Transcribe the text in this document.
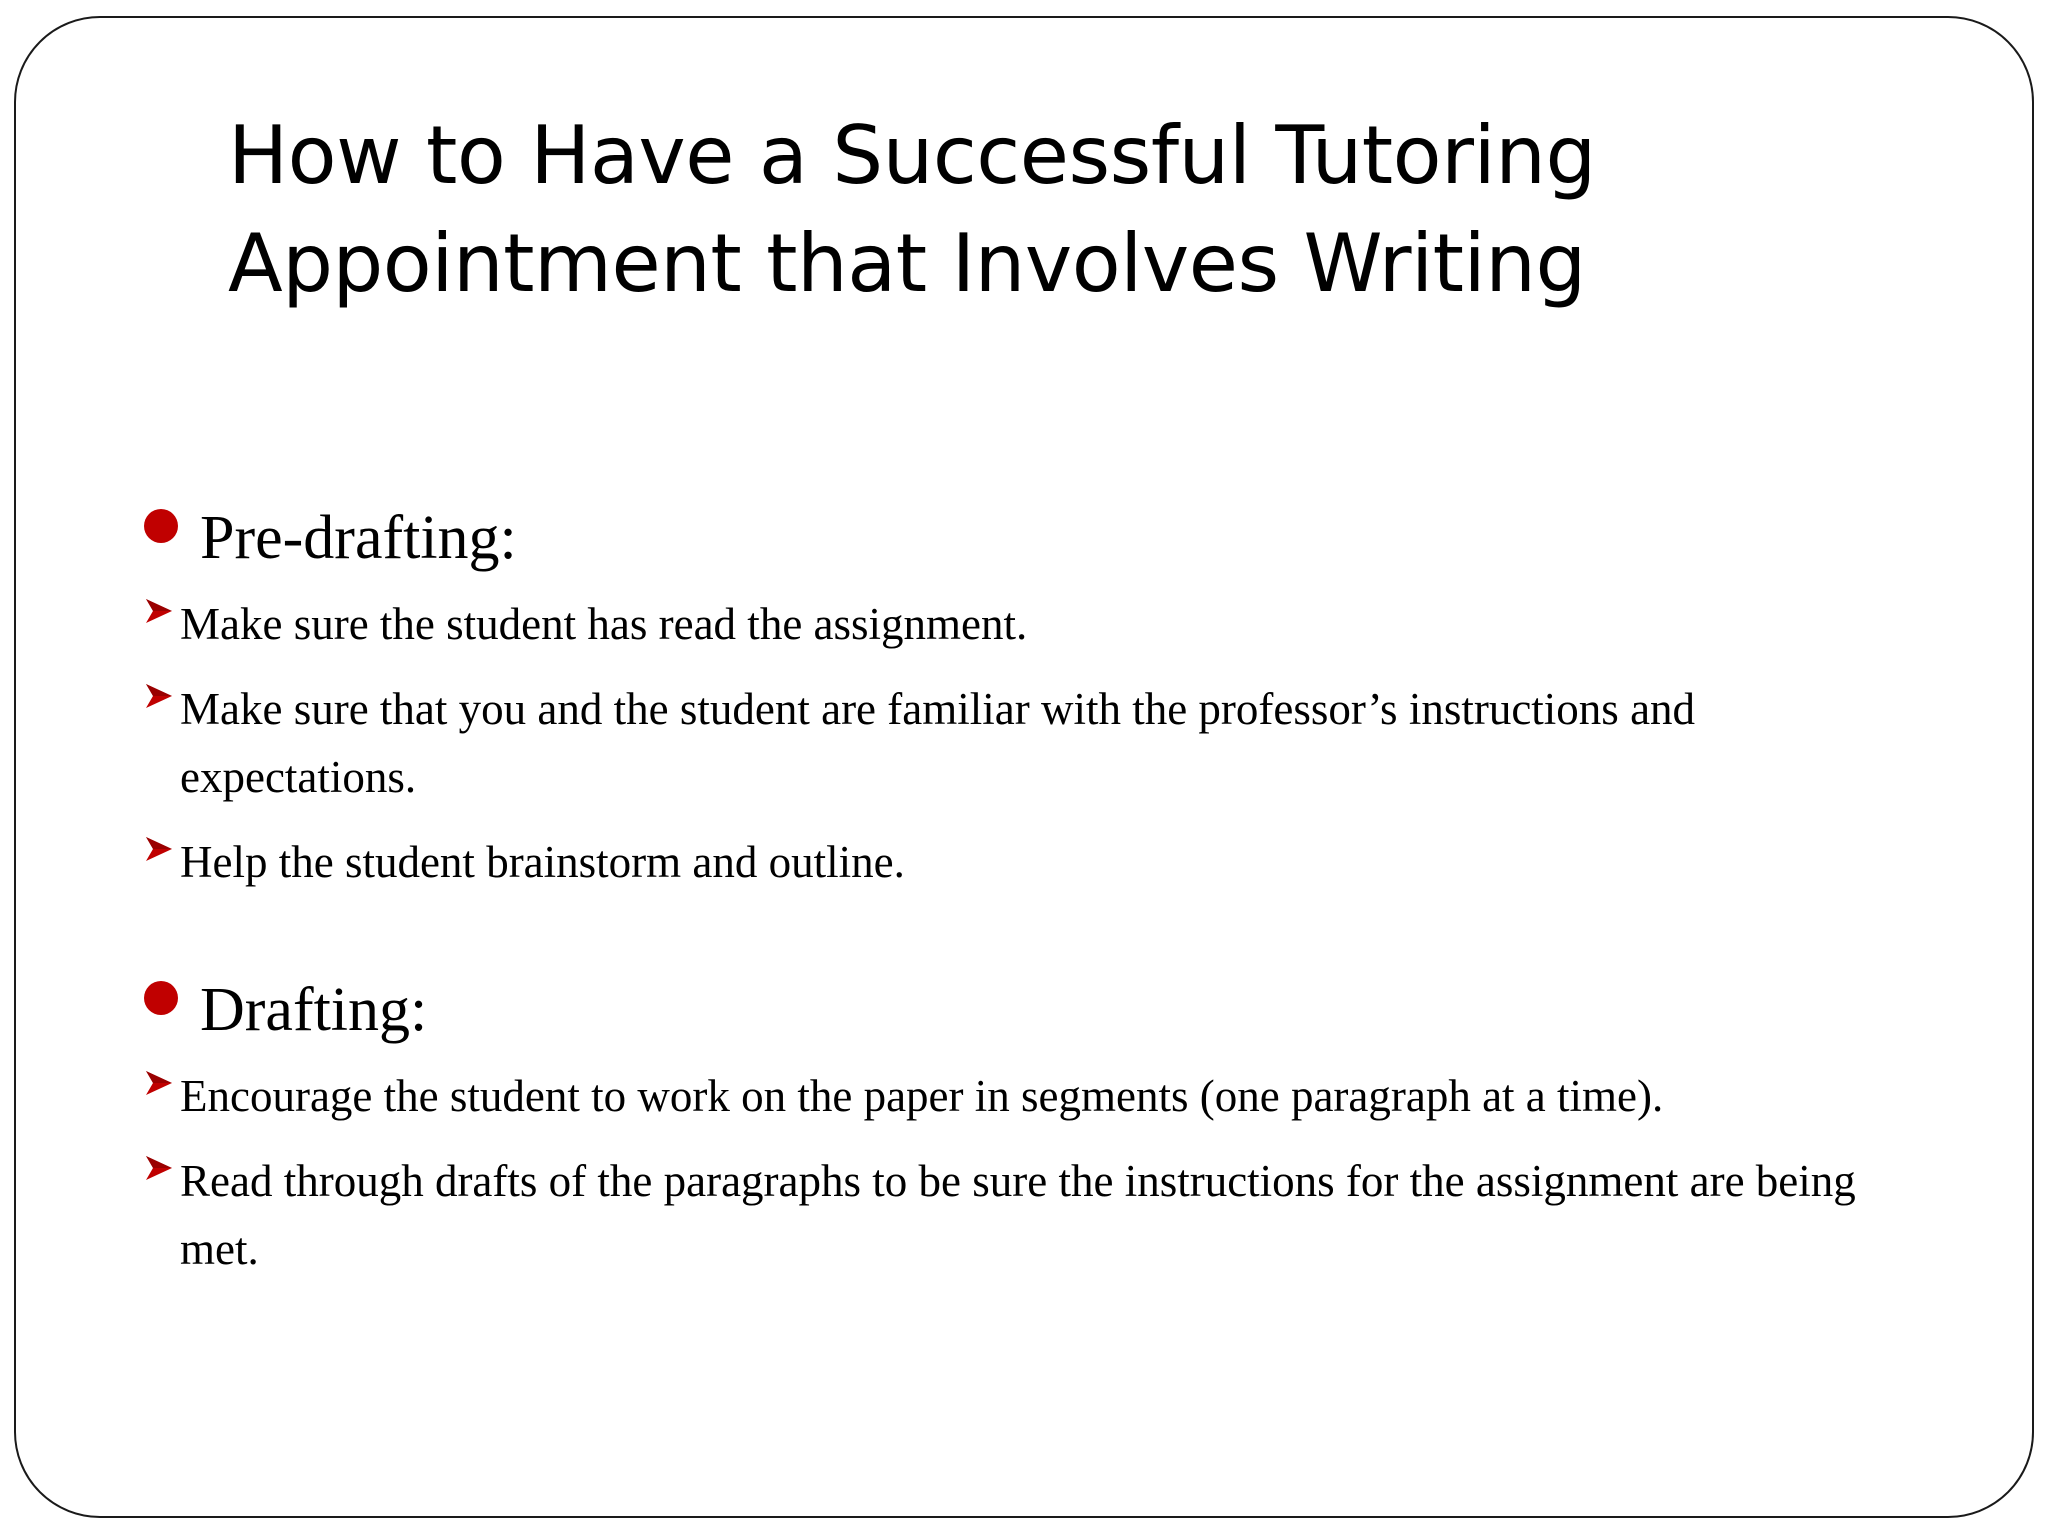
How to Have a Successful Tutoring
Appointment that Involves Writing
Pre-drafting:
Make sure the student has read the assignment.
Make sure that you and the student are familiar with the professor’s instructions and expectations.
Help the student brainstorm and outline.
Drafting:
Encourage the student to work on the paper in segments (one paragraph at a time).
Read through drafts of the paragraphs to be sure the instructions for the assignment are being met.
